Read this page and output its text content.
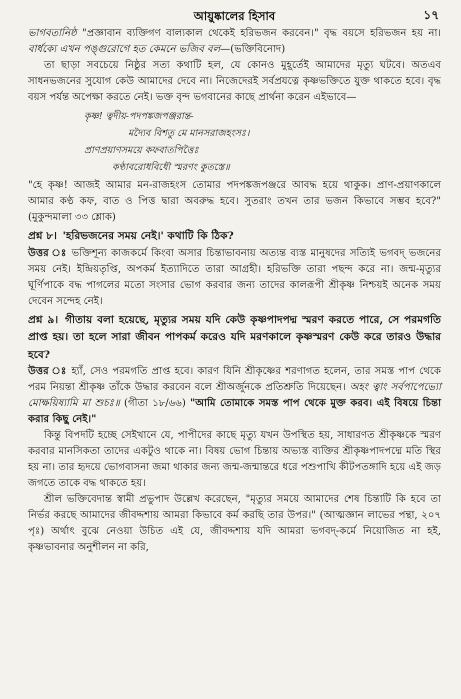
আয়ুষ্কালের হিসাব	১৭

ভাগবতানিষ্ঠ "প্রজ্ঞাবান ব্যক্তিগণ বাল্যকাল থেকেই হরিভজন করবেন।" বৃদ্ধ বয়সে হরিভজন হয় না। বার্ধক্যে এখন পঙ্গুরোগে হত কেমনে ভজিব বল—(ভক্তিবিনোদ)

তা ছাড়া সবচেয়ে নিষ্ঠুর সত্য কথাটি হল, যে কোনও মুহূর্তেই আমাদের মৃত্যু ঘটবে। অতএব সাধনভজনের সুযোগ কেউ আমাদের দেবে না। নিজেদেরই সর্বপ্রযত্নে কৃষ্ণভক্তিতে যুক্ত থাকতে হবে। বৃদ্ধ বয়স পর্যন্ত অপেক্ষা করতে নেই। ভক্ত বৃন্দ ভগবানের কাছে প্রার্থনা করেন এইভাবে—

কৃষ্ণ! ত্বদীয়-পদপঙ্কজপঞ্জরান্ত-
মদ্যৈব বিশতু মে মানসরাজহংসঃ।
প্রাণপ্রয়াণসময়ে কফবাতপিত্তৈঃ
কণ্ঠাবরোধবিধৌ স্মরণং কুতস্তে॥

"হে কৃষ্ণ! আজই আমার মন-রাজহংস তোমার পদপঙ্কজপঞ্জরে আবদ্ধ হয়ে থাকুক। প্রাণ-প্রয়াণকালে আমার কণ্ঠ কফ, বাত ও পিত্ত দ্বারা অবরুদ্ধ হবে। সুতরাং তখন তার ভজন কিভাবে সম্ভব হবে?" (মুকুন্দমালা ৩৩ শ্লোক)

প্রশ্ন ৮। 'হরিভজনের সময় নেই।' কথাটি কি ঠিক?

উত্তর ঃ ভক্তিশূন্য কাজকর্মে কিংবা অসার চিন্তাভাবনায় অত্যন্ত ব্যস্ত মানুষদের সত্যিই ভগবদ্ ভজনের সময় নেই। ইন্দ্রিয়তৃপ্তি, অপকর্ম ইত্যাদিতে তারা আগ্রহী। হরিভক্তি তারা পছন্দ করে না। জন্ম-মৃত্যুর ঘূর্ণিপাকে বদ্ধ পাগলের মতো সংসার ভোগ করবার জন্য তাদের কালরূপী শ্রীকৃষ্ণ নিশ্চয়ই অনেক সময় দেবেন সন্দেহ নেই।

প্রশ্ন ৯। গীতায় বলা হয়েছে, মৃত্যুর সময় যদি কেউ কৃষ্ণপাদপদ্ম স্মরণ করতে পারে, সে পরমগতি প্রাপ্ত হয়। তা হলে সারা জীবন পাপকর্ম করেও যদি মরণকালে কৃষ্ণস্মরণ কেউ করে তারও উদ্ধার হবে?

উত্তর ঃ হ্যাঁ, সেও পরমগতি প্রাপ্ত হবে। কারণ যিনি শ্রীকৃষ্ণের শরণাগত হলেন, তার সমস্ত পাপ থেকে পরম নিয়ন্তা শ্রীকৃষ্ণ তাঁকে উদ্ধার করবেন বলে শ্রীঅর্জুনকে প্রতিশ্রুতি দিয়েছেন। অহং ত্বাং সর্বপাপেভ্যো মোক্ষয়িষ্যামি মা শুচঃ॥ (গীতা ১৮/৬৬) "আমি তোমাকে সমস্ত পাপ থেকে মুক্ত করব। এই বিষয়ে চিন্তা করার কিছু নেই।"

কিন্তু বিপদটি হচ্ছে সেইখানে যে, পাপীদের কাছে মৃত্যু যখন উপস্থিত হয়, সাধারণত শ্রীকৃষ্ণকে স্মরণ করবার মানসিকতা তাদের একটুও থাকে না। বিষয় ভোগ চিন্তায় অভ্যস্ত ব্যক্তির শ্রীকৃষ্ণপাদপদ্মে মতি স্থির হয় না। তার হৃদয়ে ভোগবাসনা জমা থাকার জন্য জন্ম-জন্মান্তরে ধরে পশুপাখি কীটপতঙ্গাদি হয়ে এই জড় জগতে তাকে বদ্ধ থাকতে হয়।

শ্রীল ভক্তিবেদান্ত স্বামী প্রভুপাদ উল্লেখ করেছেন, "মৃত্যুর সময়ে আমাদের শেষ চিন্তাটি কি হবে তা নির্ভর করছে আমাদের জীবদ্দশায় আমরা কিভাবে কর্ম করছি তার উপর।" (আত্মজ্ঞান লাভের পন্থা, ২০৭ পৃঃ) অর্থাৎ বুঝে নেওয়া উচিত এই যে, জীবদ্দশায় যদি আমরা ভগবদ্-কর্মে নিয়োজিত না হই, কৃষ্ণভাবনার অনুশীলন না করি,
